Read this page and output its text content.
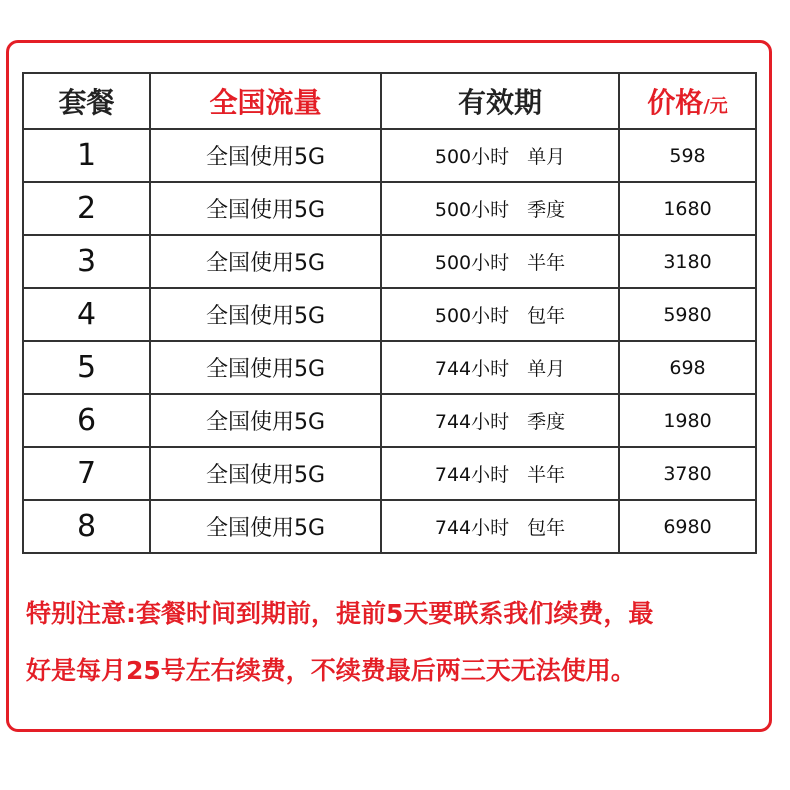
套餐	全国流量	有效期	价格/元
1	全国使用5G	500小时 单月	598
2	全国使用5G	500小时 季度	1680
3	全国使用5G	500小时 半年	3180
4	全国使用5G	500小时 包年	5980
5	全国使用5G	744小时 单月	698
6	全国使用5G	744小时 季度	1980
7	全国使用5G	744小时 半年	3780
8	全国使用5G	744小时 包年	6980
特别注意:套餐时间到期前，提前5天要联系我们续费，最
好是每月25号左右续费，不续费最后两三天无法使用。
